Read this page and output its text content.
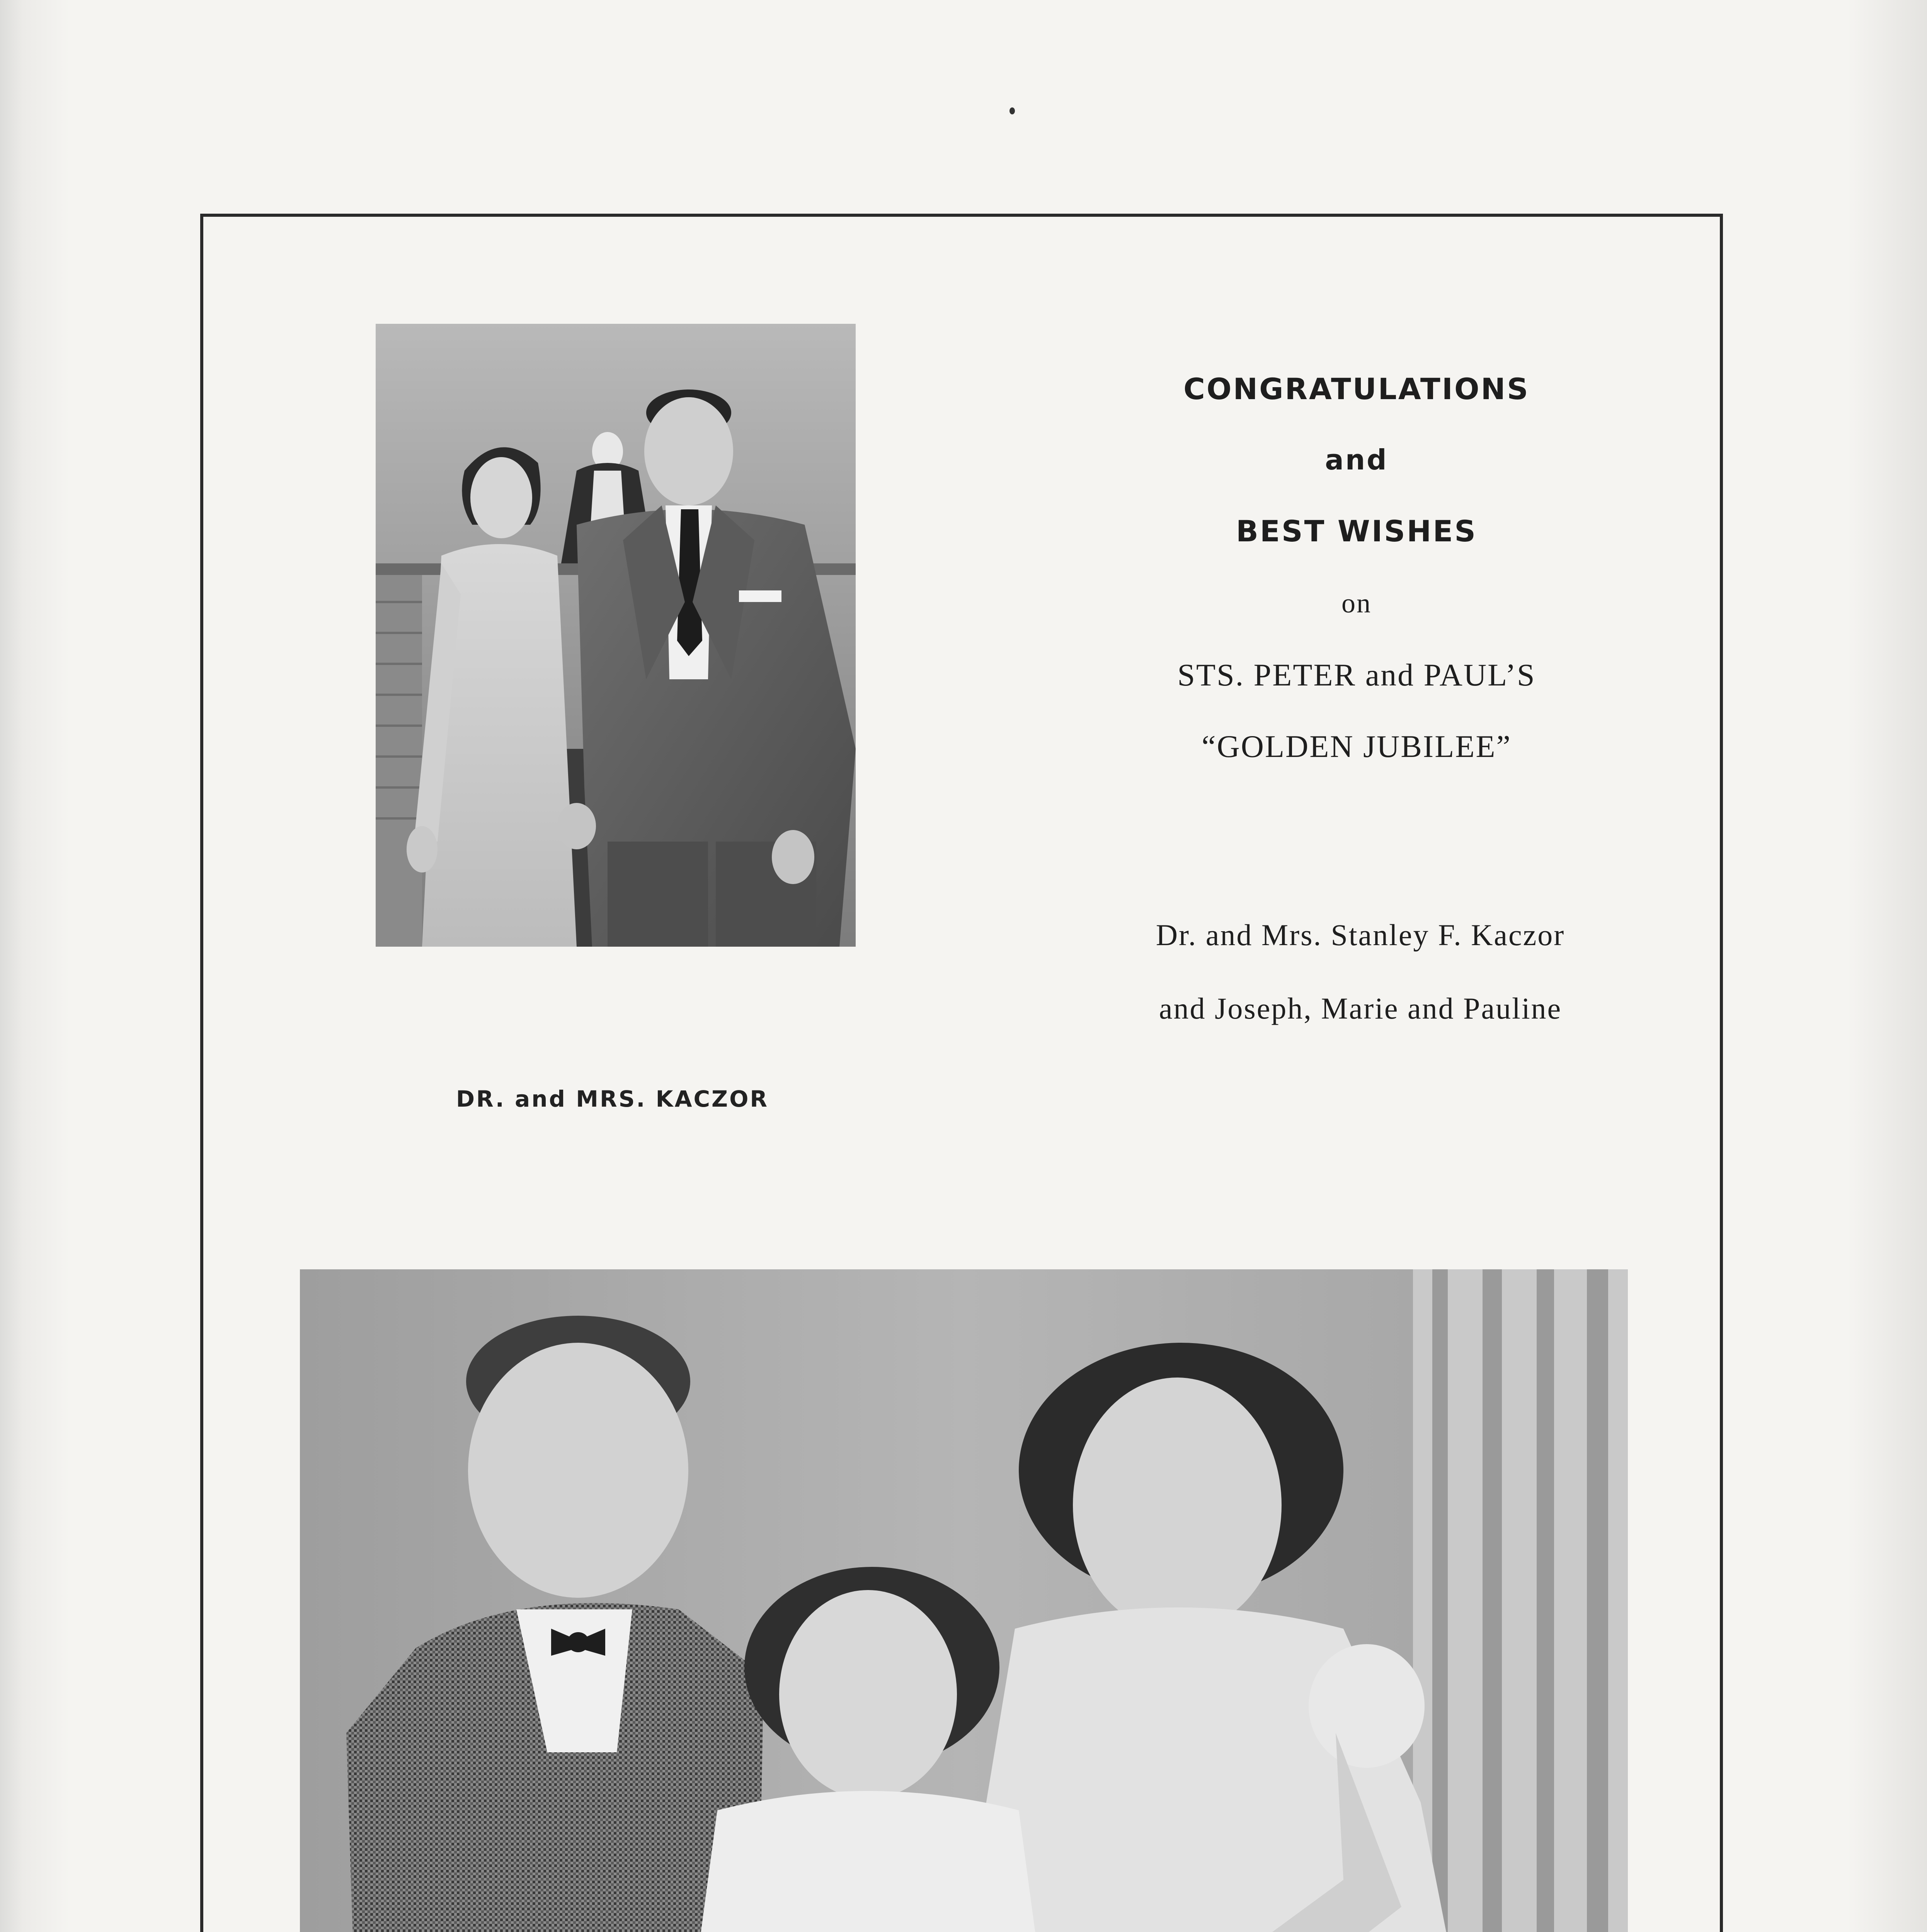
CONGRATULATIONS
and
BEST WISHES
on
STS. PETER and PAUL’S
“GOLDEN JUBILEE”
Dr. and Mrs. Stanley F. Kaczor
and Joseph, Marie and Pauline
DR. and MRS. KACZOR
